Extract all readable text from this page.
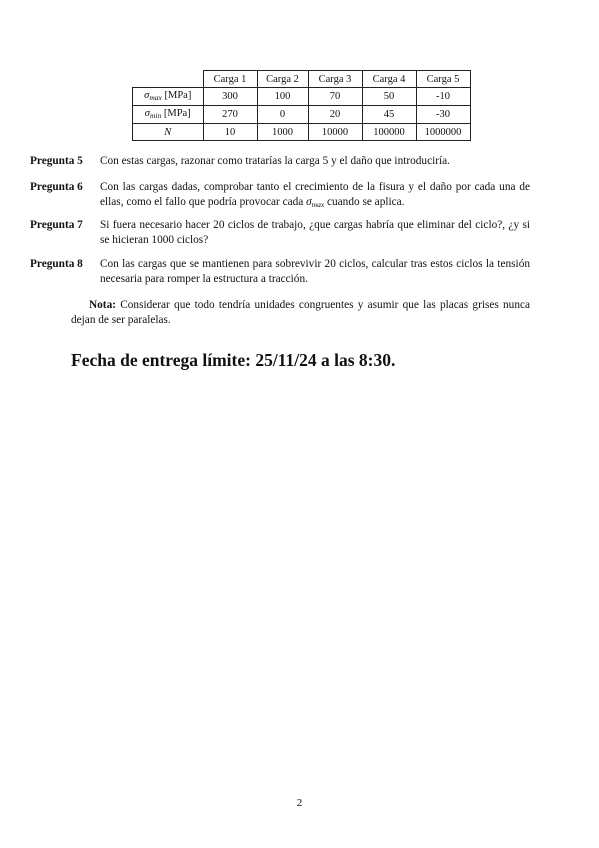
	Carga 1	Carga 2	Carga 3	Carga 4	Carga 5
$\sigma_{max}$ [MPa]	300	100	70	50	-10
$\sigma_{min}$ [MPa]	270	0	20	45	-30
N	10	1000	10000	100000	1000000
Pregunta 5	Con estas cargas, razonar como tratarías la carga 5 y el daño que introduciría.
Pregunta 6	Con las cargas dadas, comprobar tanto el crecimiento de la fisura y el daño por cada una de ellas, como el fallo que podría provocar cada $\sigma_{max}$ cuando se aplica.
Pregunta 7	Si fuera necesario hacer 20 ciclos de trabajo, ¿que cargas habría que eliminar del ciclo?, ¿y si se hicieran 1000 ciclos?
Pregunta 8	Con las cargas que se mantienen para sobrevivir 20 ciclos, calcular tras estos ciclos la tensión necesaria para romper la estructura a tracción.
Nota: Considerar que todo tendría unidades congruentes y asumir que las placas grises nunca dejan de ser paralelas.
Fecha de entrega límite: 25/11/24 a las 8:30.
2
